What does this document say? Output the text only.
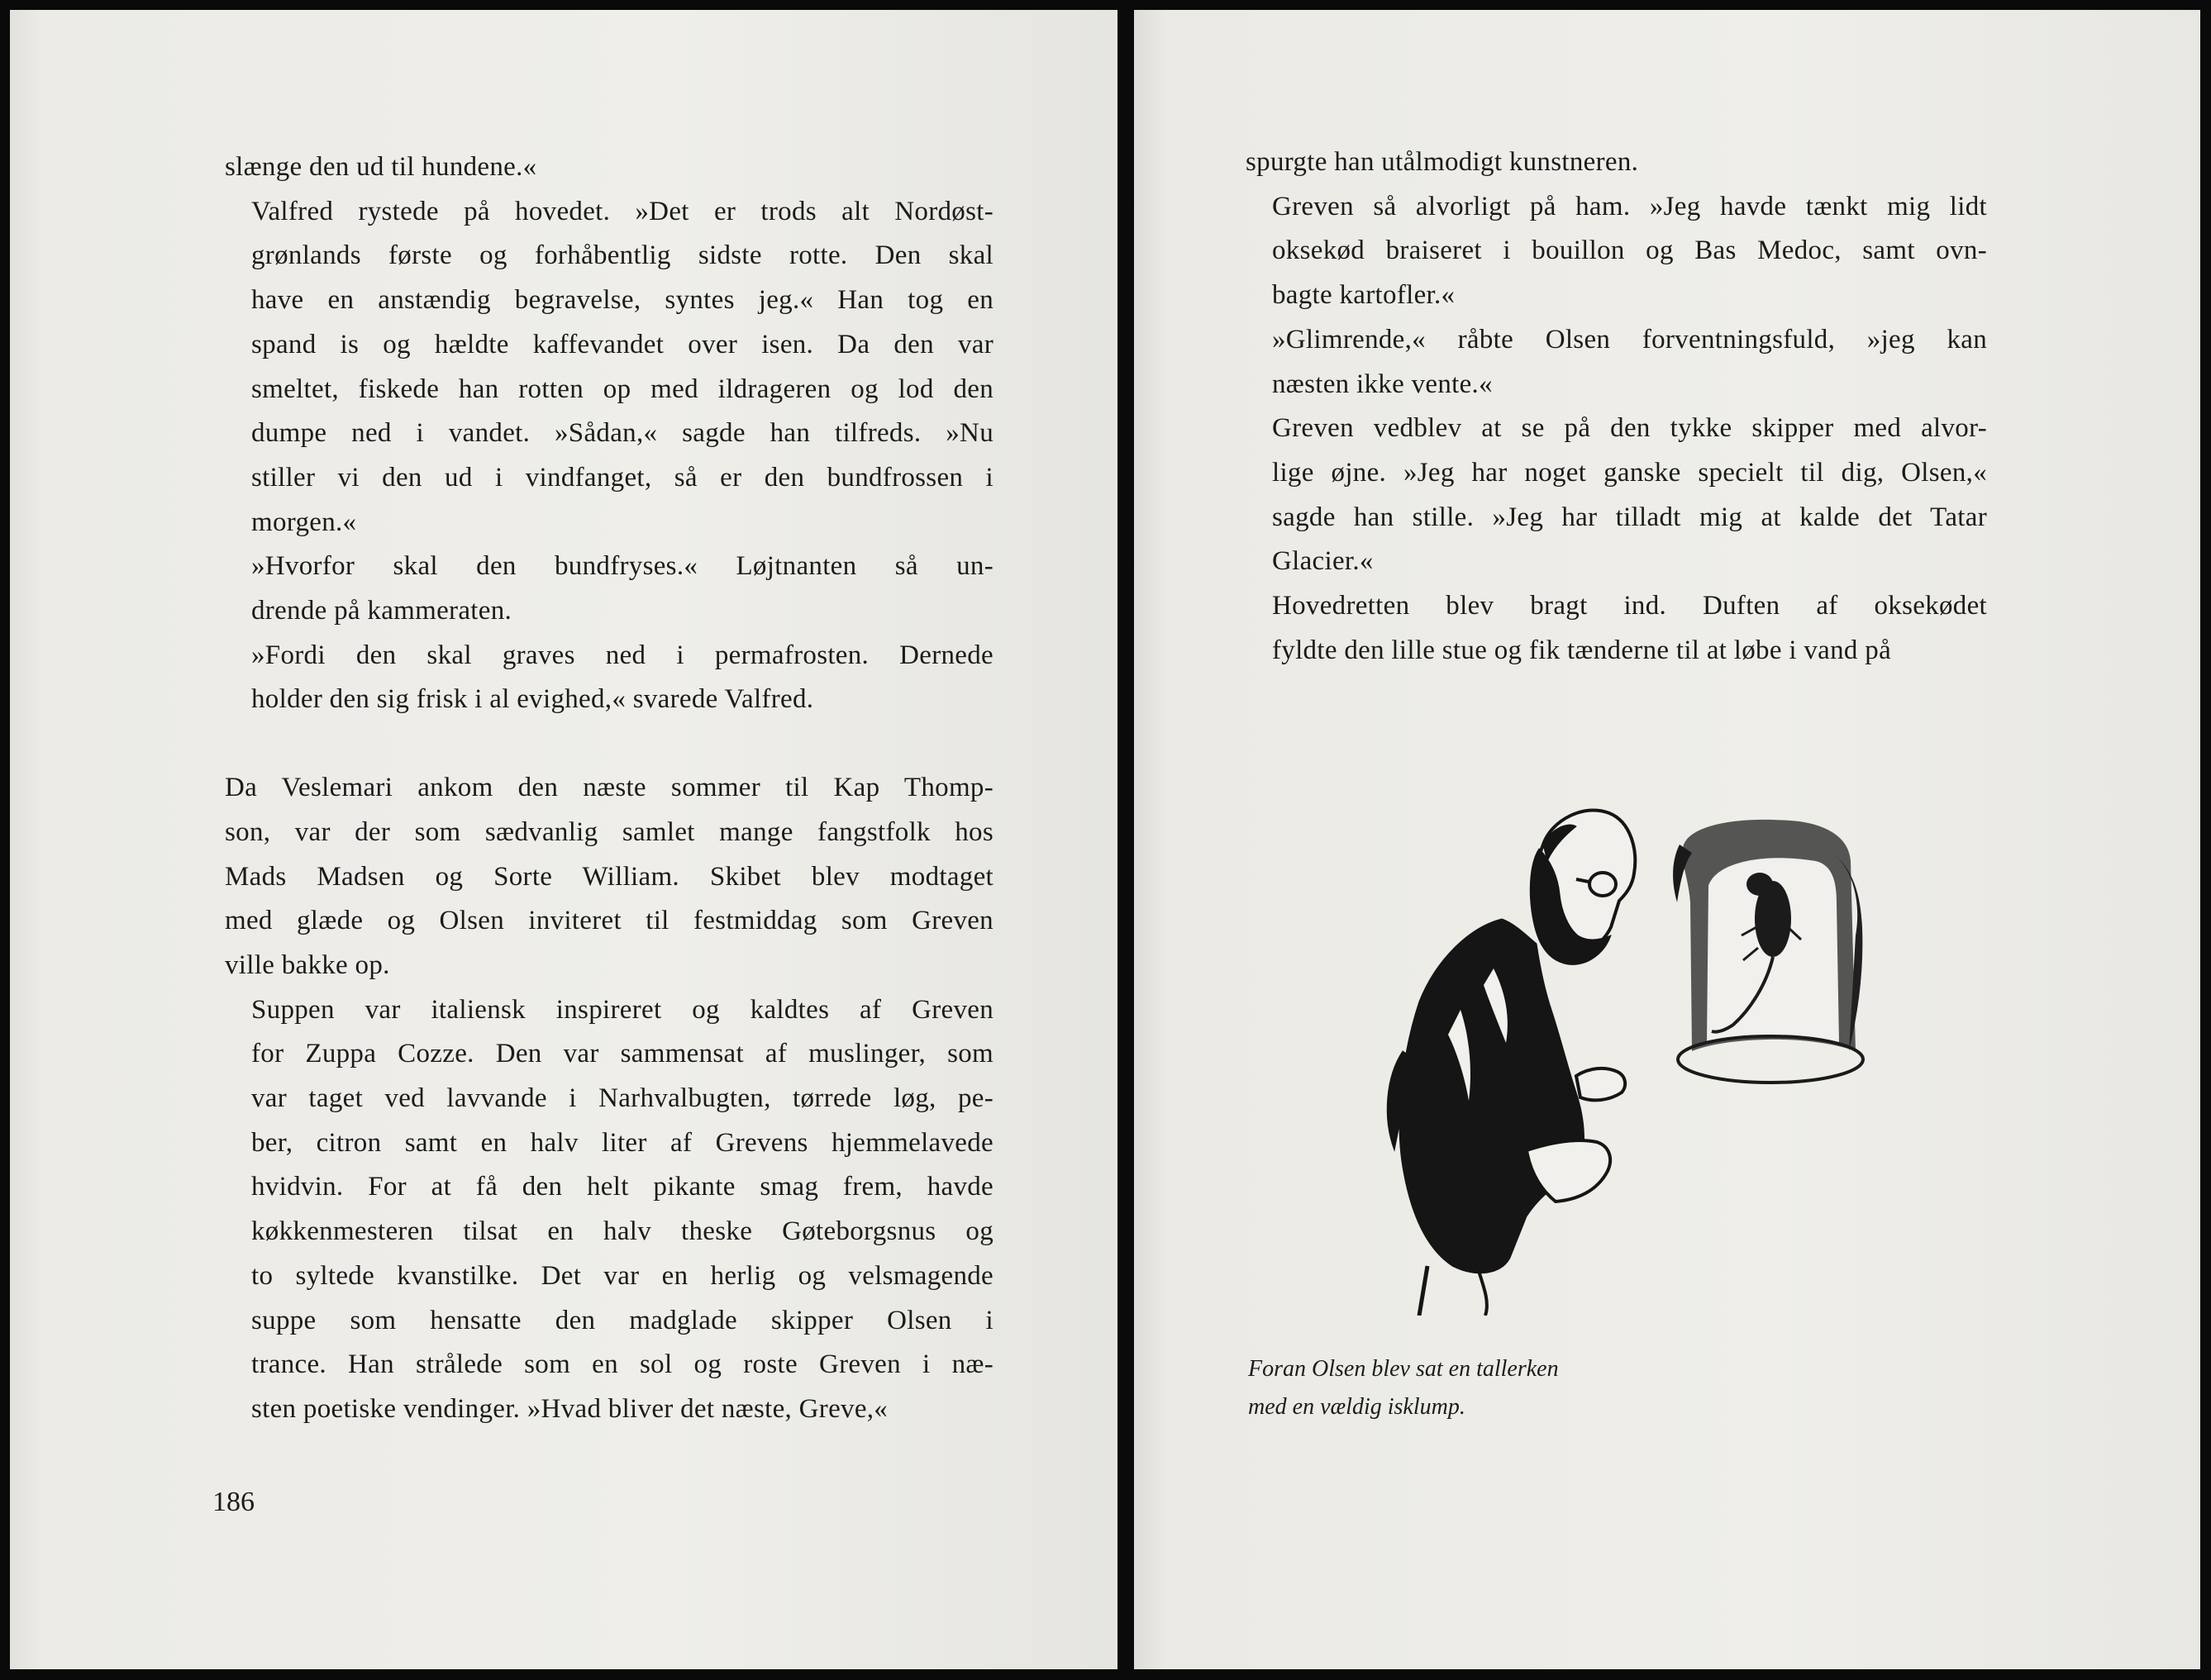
slænge den ud til hundene.«

Valfred rystede på hovedet. »Det er trods alt Nordøst-
grønlands første og forhåbentlig sidste rotte. Den skal
have en anstændig begravelse, syntes jeg.« Han tog en
spand is og hældte kaffevandet over isen. Da den var
smeltet, fiskede han rotten op med ildrageren og lod den
dumpe ned i vandet. »Sådan,« sagde han tilfreds. »Nu
stiller vi den ud i vindfanget, så er den bundfrossen i
morgen.«

»Hvorfor skal den bundfryses.« Løjtnanten så un-
drende på kammeraten.

»Fordi den skal graves ned i permafrosten. Dernede
holder den sig frisk i al evighed,« svarede Valfred.

Da Veslemari ankom den næste sommer til Kap Thomp-
son, var der som sædvanlig samlet mange fangstfolk hos
Mads Madsen og Sorte William. Skibet blev modtaget
med glæde og Olsen inviteret til festmiddag som Greven
ville bakke op.

Suppen var italiensk inspireret og kaldtes af Greven
for Zuppa Cozze. Den var sammensat af muslinger, som
var taget ved lavvande i Narhvalbugten, tørrede løg, pe-
ber, citron samt en halv liter af Grevens hjemmelavede
hvidvin. For at få den helt pikante smag frem, havde
køkkenmesteren tilsat en halv theske Gøteborgsnus og
to syltede kvanstilke. Det var en herlig og velsmagende
suppe som hensatte den madglade skipper Olsen i
trance. Han strålede som en sol og roste Greven i næ-
sten poetiske vendinger. »Hvad bliver det næste, Greve,«

186

spurgte han utålmodigt kunstneren.

Greven så alvorligt på ham. »Jeg havde tænkt mig lidt
oksekød braiseret i bouillon og Bas Medoc, samt ovn-
bagte kartofler.«

»Glimrende,« råbte Olsen forventningsfuld, »jeg kan
næsten ikke vente.«

Greven vedblev at se på den tykke skipper med alvor-
lige øjne. »Jeg har noget ganske specielt til dig, Olsen,«
sagde han stille. »Jeg har tilladt mig at kalde det Tatar
Glacier.«

Hovedretten blev bragt ind. Duften af oksekødet
fyldte den lille stue og fik tænderne til at løbe i vand på

Foran Olsen blev sat en tallerken
med en vældig isklump.
